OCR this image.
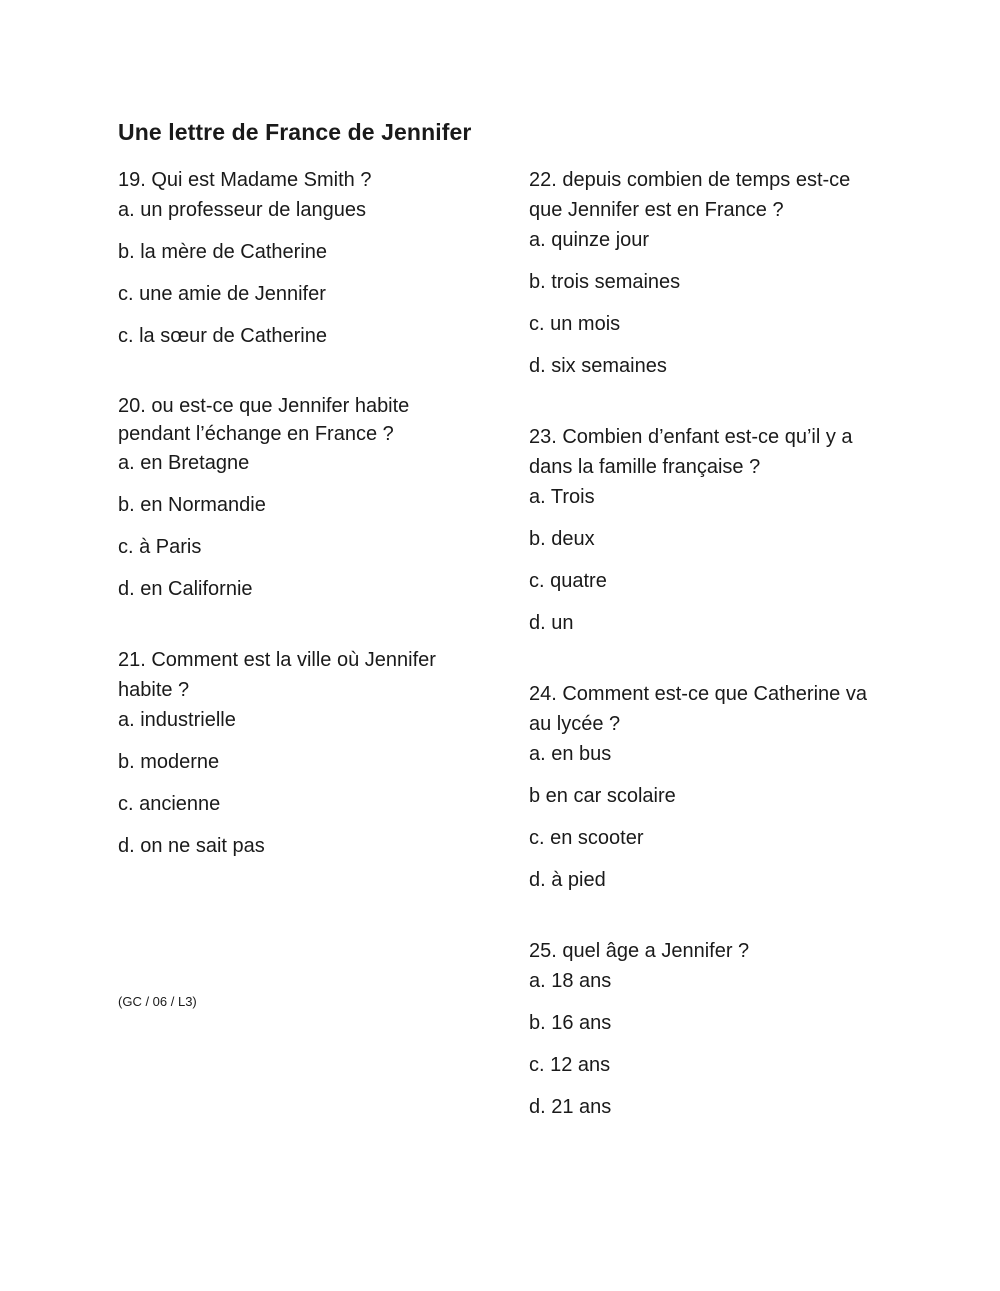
Une lettre de France de Jennifer
19. Qui est Madame Smith ?
a. un professeur de langues
b. la mère de Catherine
c. une amie de Jennifer
c. la sœur de Catherine
20. ou est-ce que Jennifer habite pendant l’échange en France ?
a. en Bretagne
b. en Normandie
c. à Paris
d. en Californie
21. Comment est la ville où Jennifer habite ?
a. industrielle
b. moderne
c. ancienne
d. on ne sait pas
22. depuis combien de temps est-ce que Jennifer est en France ?
a. quinze jour
b. trois semaines
c. un mois
d. six semaines
23. Combien d’enfant est-ce qu’il y a dans la famille française ?
a. Trois
b. deux
c. quatre
d. un
24. Comment est-ce que Catherine va au lycée ?
a. en bus
b en car scolaire
c. en scooter
d. à pied
25. quel âge a Jennifer ?
a. 18 ans
b. 16 ans
c. 12 ans
d. 21 ans
(GC / 06 / L3)
